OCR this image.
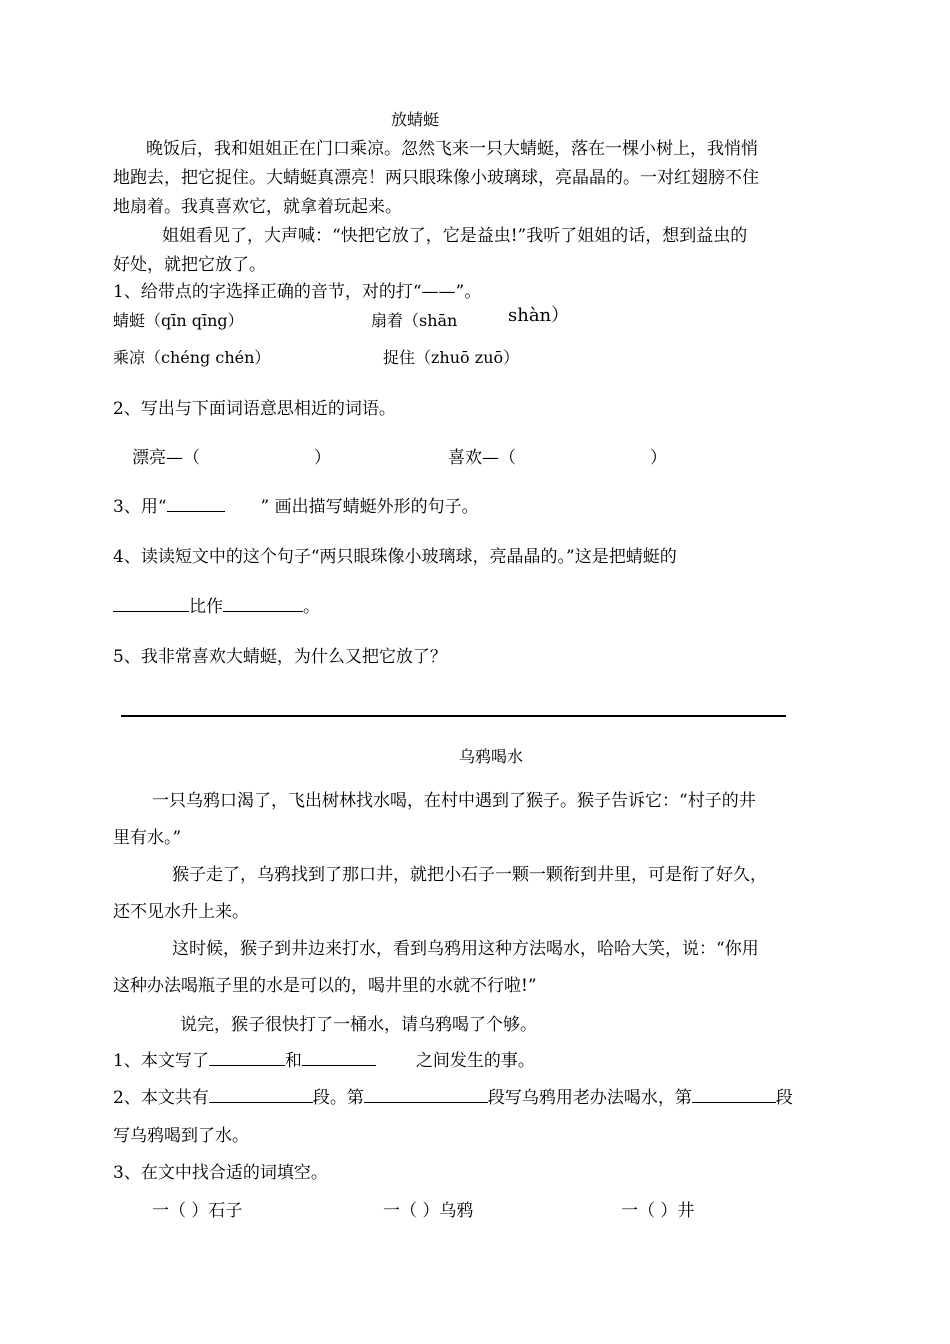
放蜻蜓
晚饭后，我和姐姐正在门口乘凉。忽然飞来一只大蜻蜓，落在一棵小树上，我悄悄
地跑去，把它捉住。大蜻蜓真漂亮！两只眼珠像小玻璃球，亮晶晶的。一对红翅膀不住
地扇着。我真喜欢它，就拿着玩起来。
姐姐看见了，大声喊：“快把它放了，它是益虫!”我听了姐姐的话，想到益虫的
好处，就把它放了。
1、给带点的字选择正确的音节，对的打“——”。
蜻蜓（qīn qīng）	扇着（shān	shàn）
乘凉（chéng chén）	捉住（zhuō zuō）
2、写出与下面词语意思相近的词语。
漂亮—（	）	喜欢—（	）
3、用“	” 画出描写蜻蜓外形的句子。
4、读读短文中的这个句子“两只眼珠像小玻璃球，亮晶晶的。”这是把蜻蜓的
比作	。
5、我非常喜欢大蜻蜓，为什么又把它放了？
乌鸦喝水
一只乌鸦口渴了，飞出树林找水喝，在村中遇到了猴子。猴子告诉它：“村子的井
里有水。”
猴子走了，乌鸦找到了那口井，就把小石子一颗一颗衔到井里，可是衔了好久，
还不见水升上来。
这时候，猴子到井边来打水，看到乌鸦用这种方法喝水，哈哈大笑，说：“你用
这种办法喝瓶子里的水是可以的，喝井里的水就不行啦!”
说完，猴子很快打了一桶水，请乌鸦喝了个够。
1、本文写了	和	之间发生的事。
2、本文共有	段。第	段写乌鸦用老办法喝水，第	段
写乌鸦喝到了水。
3、在文中找合适的词填空。
一（ ）石子	一（ ）乌鸦	一（ ）井
